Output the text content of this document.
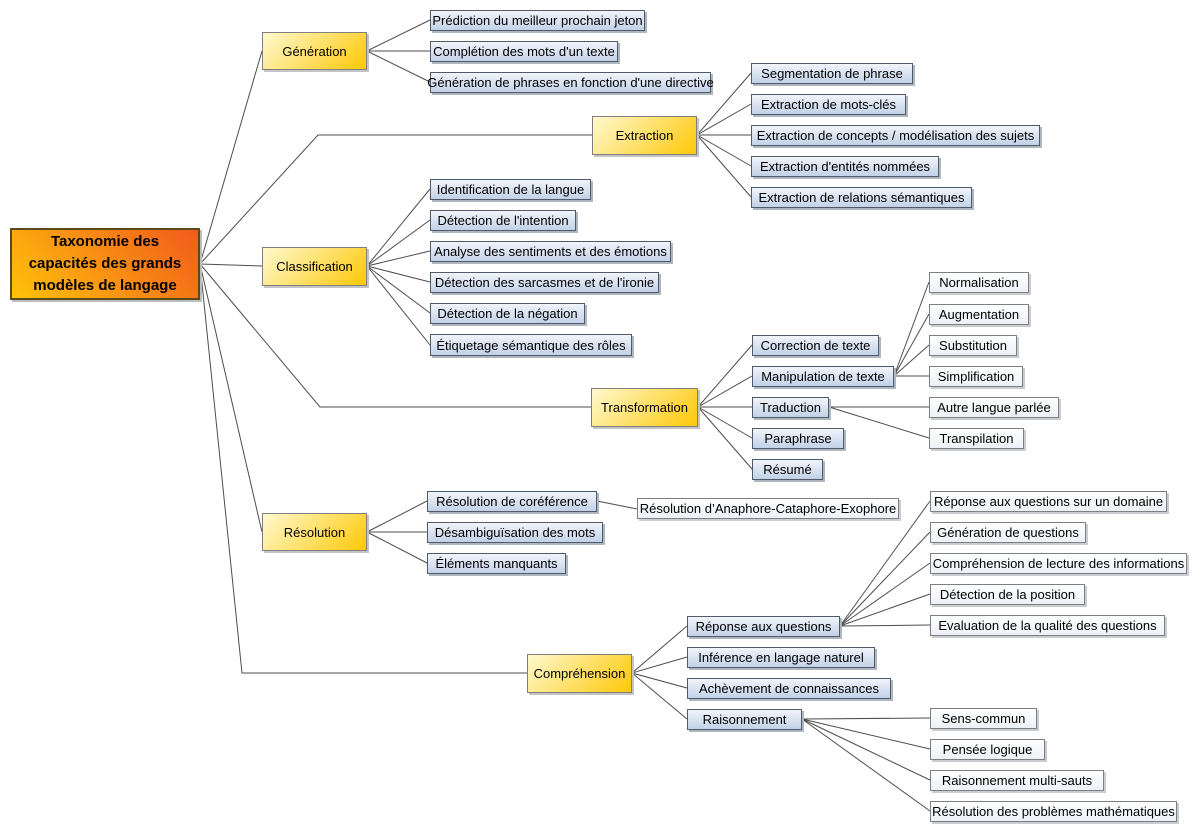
Taxonomie des capacités des grands modèles de langage
Génération
Extraction
Classification
Transformation
Résolution
Compréhension
Prédiction du meilleur prochain jeton
Complétion des mots d'un texte
Génération de phrases en fonction d'une directive
Segmentation de phrase
Extraction de mots-clés
Extraction de concepts / modélisation des sujets
Extraction d'entités nommées
Extraction de relations sémantiques
Identification de la langue
Détection de l'intention
Analyse des sentiments et des émotions
Détection des sarcasmes et de l'ironie
Détection de la négation
Étiquetage sémantique des rôles	Correction de texte
Manipulation de texte
Traduction
Paraphrase
Résumé
Normalisation
Augmentation
Substitution
Simplification
Autre langue parlée
Transpilation
Résolution de coréférence
Désambiguïsation des mots
Éléments manquants
Résolution d’Anaphore-Cataphore-Exophore
Réponse aux questions
Inférence en langage naturel
Achèvement de connaissances
Raisonnement
Réponse aux questions sur un domaine
Génération de questions
Compréhension de lecture des informations
Détection de la position
Evaluation de la qualité des questions
Sens-commun
Pensée logique
Raisonnement multi-sauts
Résolution des problèmes mathématiques
